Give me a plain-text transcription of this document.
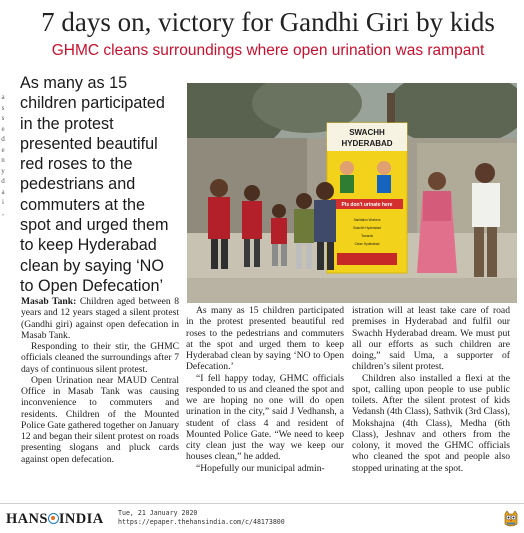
a
s
s
e
d
e
n
y
d
a
i
,
7 days on, victory for Gandhi Giri by kids
GHMC cleans surroundings where open urination was rampant
As many as 15
children participated
in the protest
presented beautiful
red roses to the
pedestrians and
commuters at the
spot and urged them
to keep Hyderabad
clean by saying ‘NO
to Open Defecation’
SWACHH
HYDERABAD
Pls don't urinate here
Sanitation Workers
Swachh Hyderabad
Towards
Clean Hyderabad

Masab Tank: Children aged between 8 years and 12 years staged a silent protest (Gandhi giri) against open defecation in Masab Tank.

Responding to their stir, the GHMC officials cleaned the surroundings after 7 days of continuous silent protest.

Open Urination near MAUD Central Office in Masab Tank was causing inconvenience to commuters and residents. Children of the Mounted Police Gate gathered together on January 12 and began their silent protest on roads presenting slogans and pluck cards against open defecation.

As many as 15 children participated in the protest presented beautiful red roses to the pedestrians and commuters at the spot and urged them to keep Hyderabad clean by saying ‘NO to Open Defecation.’

“I fell happy today, GHMC officials responded to us and cleaned the spot and we are hoping no one will do open urination in the city,” said J Vedhansh, a student of class 4 and resident of Mounted Police Gate. “We need to keep city clean just the way we keep our houses clean,” he added.

“Hopefully our municipal admin-

istration will at least take care of road premises in Hyderabad and fulfil our Swachh Hyderabad dream. We must put all our efforts as such children are doing,” said Uma, a supporter of children’s silent protest.

Children also installed a flexi at the spot, calling upon people to use public toilets. After the silent protest of kids Vedansh (4th Class), Sathvik (3rd Class), Mokshajna (4th Class), Medha (6th Class), Jeshnav and others from the colony, it moved the GHMC officials who cleaned the spot and people also stopped urinating at the spot.

HANS INDIA Tue, 21 January 2020
https://epaper.thehansindia.com/c/48173800
